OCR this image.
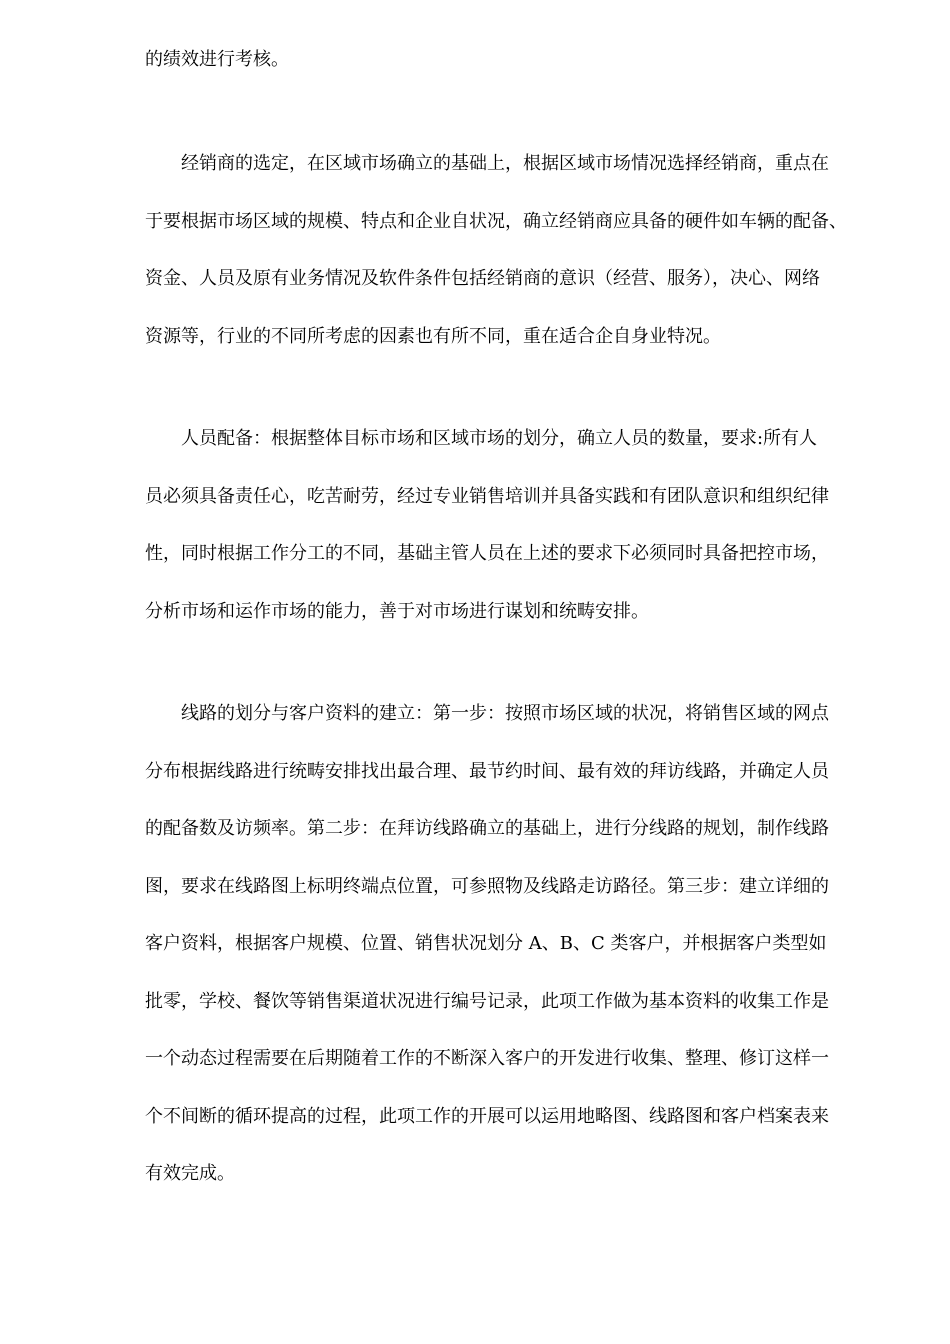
的绩效进行考核。
经销商的选定，在区域市场确立的基础上，根据区域市场情况选择经销商，重点在
于要根据市场区域的规模、特点和企业自状况，确立经销商应具备的硬件如车辆的配备、
资金、人员及原有业务情况及软件条件包括经销商的意识（经营、服务），决心、网络
资源等，行业的不同所考虑的因素也有所不同，重在适合企自身业特况。
人员配备：根据整体目标市场和区域市场的划分，确立人员的数量，要求:所有人
员必须具备责任心，吃苦耐劳，经过专业销售培训并具备实践和有团队意识和组织纪律
性，同时根据工作分工的不同，基础主管人员在上述的要求下必须同时具备把控市场，
分析市场和运作市场的能力，善于对市场进行谋划和统畴安排。
线路的划分与客户资料的建立：第一步：按照市场区域的状况，将销售区域的网点
分布根据线路进行统畴安排找出最合理、最节约时间、最有效的拜访线路，并确定人员
的配备数及访频率。第二步：在拜访线路确立的基础上，进行分线路的规划，制作线路
图，要求在线路图上标明终端点位置，可参照物及线路走访路径。第三步：建立详细的
客户资料，根据客户规模、位置、销售状况划分 A、B、C 类客户，并根据客户类型如
批零，学校、餐饮等销售渠道状况进行编号记录，此项工作做为基本资料的收集工作是
一个动态过程需要在后期随着工作的不断深入客户的开发进行收集、整理、修订这样一
个不间断的循环提高的过程，此项工作的开展可以运用地略图、线路图和客户档案表来
有效完成。
